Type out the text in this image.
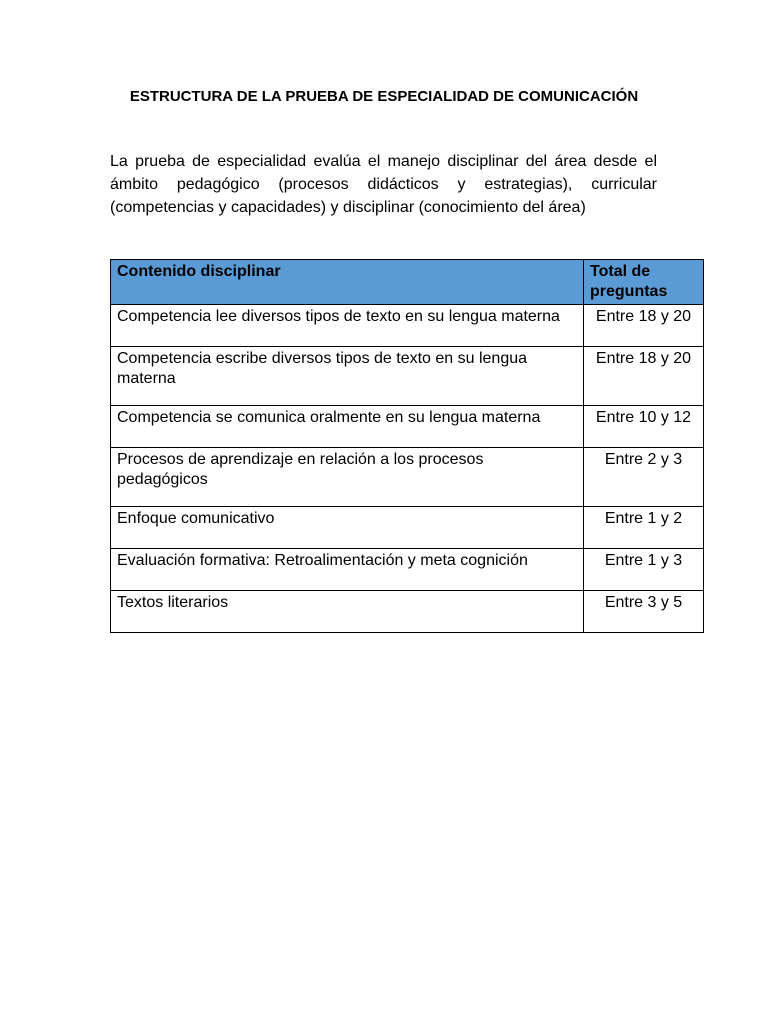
ESTRUCTURA DE LA PRUEBA DE ESPECIALIDAD DE COMUNICACIÓN

La prueba de especialidad evalúa el manejo disciplinar del área desde el ámbito pedagógico (procesos didácticos y estrategias), curricular (competencias y capacidades) y disciplinar (conocimiento del área)

Contenido disciplinar	Total de preguntas
Competencia lee diversos tipos de texto en su lengua materna	Entre 18 y 20
Competencia escribe diversos tipos de texto en su lengua materna	Entre 18 y 20
Competencia se comunica oralmente en su lengua materna	Entre 10 y 12
Procesos de aprendizaje en relación a los procesos pedagógicos	Entre 2 y 3
Enfoque comunicativo	Entre 1 y 2
Evaluación formativa: Retroalimentación y meta cognición	Entre 1 y 3
Textos literarios	Entre 3 y 5
